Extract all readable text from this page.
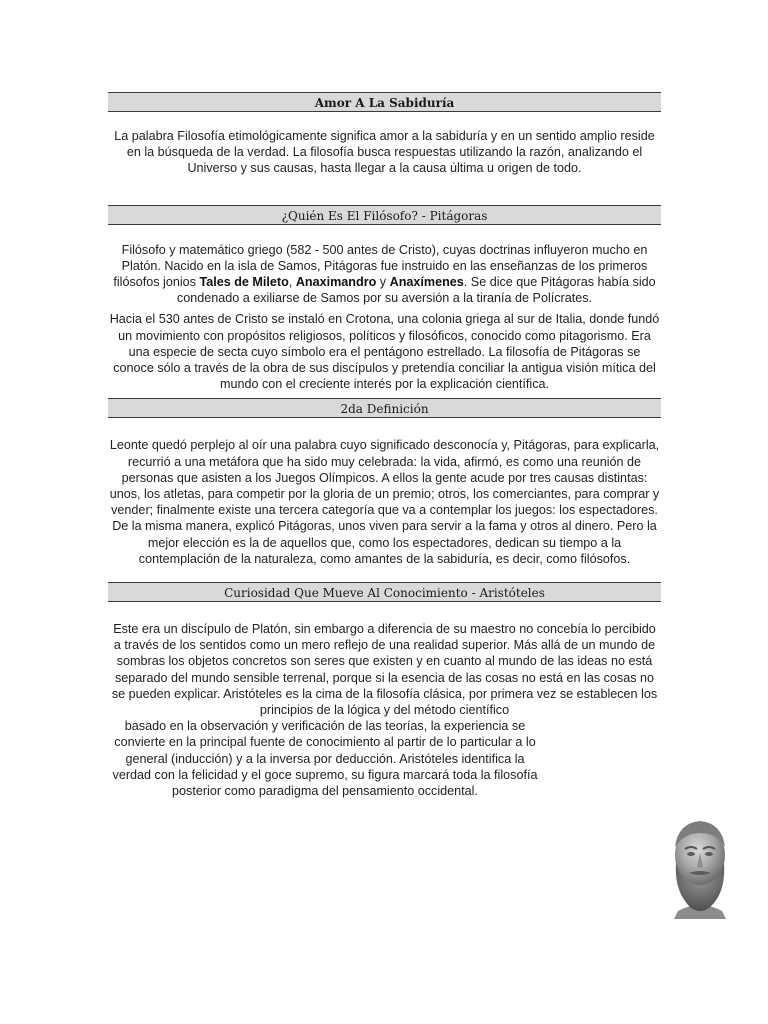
Amor A La Sabiduría

La palabra Filosofía etimológicamente significa amor a la sabiduría y en un sentido amplio reside en la búsqueda de la verdad. La filosofía busca respuestas utilizando la razón, analizando el Universo y sus causas, hasta llegar a la causa última u origen de todo.

¿Quién Es El Filósofo? - Pitágoras

Filósofo y matemático griego (582 - 500 antes de Cristo), cuyas doctrinas influyeron mucho en Platón. Nacido en la isla de Samos, Pitágoras fue instruido en las enseñanzas de los primeros filósofos jonios Tales de Mileto, Anaximandro y Anaxímenes. Se dice que Pitágoras había sido condenado a exiliarse de Samos por su aversión a la tiranía de Polícrates.

Hacia el 530 antes de Cristo se instaló en Crotona, una colonia griega al sur de Italia, donde fundó un movimiento con propósitos religiosos, políticos y filosóficos, conocido como pitagorismo. Era una especie de secta cuyo símbolo era el pentágono estrellado. La filosofía de Pitágoras se conoce sólo a través de la obra de sus discípulos y pretendía conciliar la antigua visión mítica del mundo con el creciente interés por la explicación científica.

2da Definición

Leonte quedó perplejo al oír una palabra cuyo significado desconocía y, Pitágoras, para explicarla, recurrió a una metáfora que ha sido muy celebrada: la vida, afirmó, es como una reunión de personas que asisten a los Juegos Olímpicos. A ellos la gente acude por tres causas distintas: unos, los atletas, para competir por la gloria de un premio; otros, los comerciantes, para comprar y vender; finalmente existe una tercera categoría que va a contemplar los juegos: los espectadores. De la misma manera, explicó Pitágoras, unos viven para servir a la fama y otros al dinero. Pero la mejor elección es la de aquellos que, como los espectadores, dedican su tiempo a la contemplación de la naturaleza, como amantes de la sabiduría, es decir, como filósofos.

Curiosidad Que Mueve Al Conocimiento - Aristóteles

Este era un discípulo de Platón, sin embargo a diferencia de su maestro no concebía lo percibido a través de los sentidos como un mero reflejo de una realidad superior. Más allá de un mundo de sombras los objetos concretos son seres que existen y en cuanto al mundo de las ideas no está separado del mundo sensible terrenal, porque si la esencia de las cosas no está en las cosas no se pueden explicar. Aristóteles es la cima de la filosofía clásica, por primera vez se establecen los principios de la lógica y del método científico

basado en la observación y verificación de las teorías, la experiencia se convierte en la principal fuente de conocimiento al partir de lo particular a lo general (inducción) y a la inversa por deducción. Aristóteles identifica la verdad con la felicidad y el goce supremo, su figura marcará toda la filosofía posterior como paradigma del pensamiento occidental.
